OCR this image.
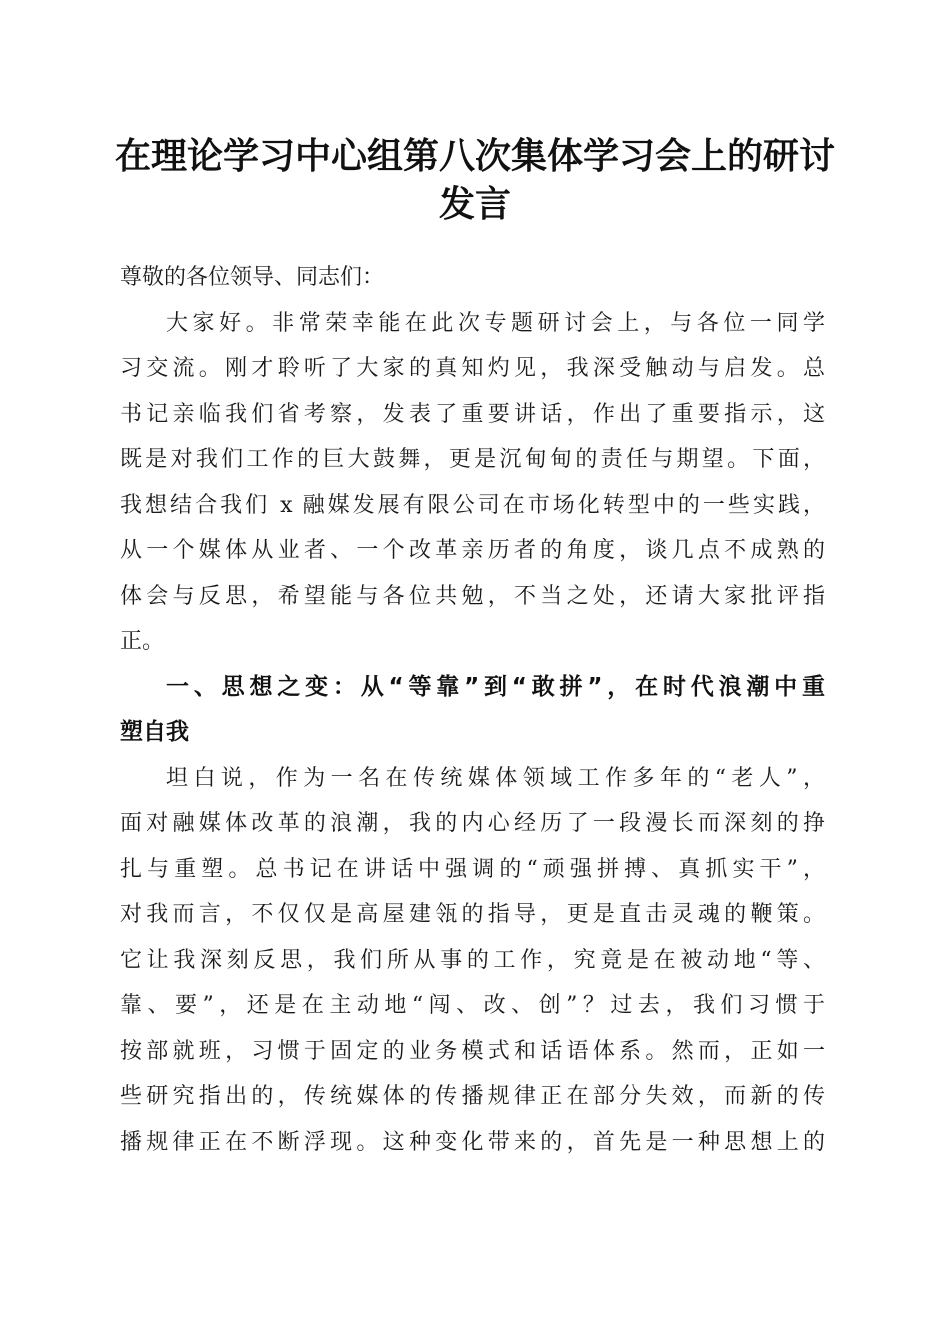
在理论学习中心组第八次集体学习会上的研讨
发言
尊敬的各位领导、同志们：
大家好。非常荣幸能在此次专题研讨会上，与各位一同学
习交流。刚才聆听了大家的真知灼见，我深受触动与启发。总
书记亲临我们省考察，发表了重要讲话，作出了重要指示，这
既是对我们工作的巨大鼓舞，更是沉甸甸的责任与期望。下面，
我想结合我们 x 融媒发展有限公司在市场化转型中的一些实践，
从一个媒体从业者、一个改革亲历者的角度，谈几点不成熟的
体会与反思，希望能与各位共勉，不当之处，还请大家批评指
正。
一、思想之变：从“等靠”到“敢拼”，在时代浪潮中重
塑自我
坦白说，作为一名在传统媒体领域工作多年的“老人”，
面对融媒体改革的浪潮，我的内心经历了一段漫长而深刻的挣
扎与重塑。总书记在讲话中强调的“顽强拼搏、真抓实干”，
对我而言，不仅仅是高屋建瓴的指导，更是直击灵魂的鞭策。
它让我深刻反思，我们所从事的工作，究竟是在被动地“等、
靠、要”，还是在主动地“闯、改、创”？过去，我们习惯于
按部就班，习惯于固定的业务模式和话语体系。然而，正如一
些研究指出的，传统媒体的传播规律正在部分失效，而新的传
播规律正在不断浮现。这种变化带来的，首先是一种思想上的
